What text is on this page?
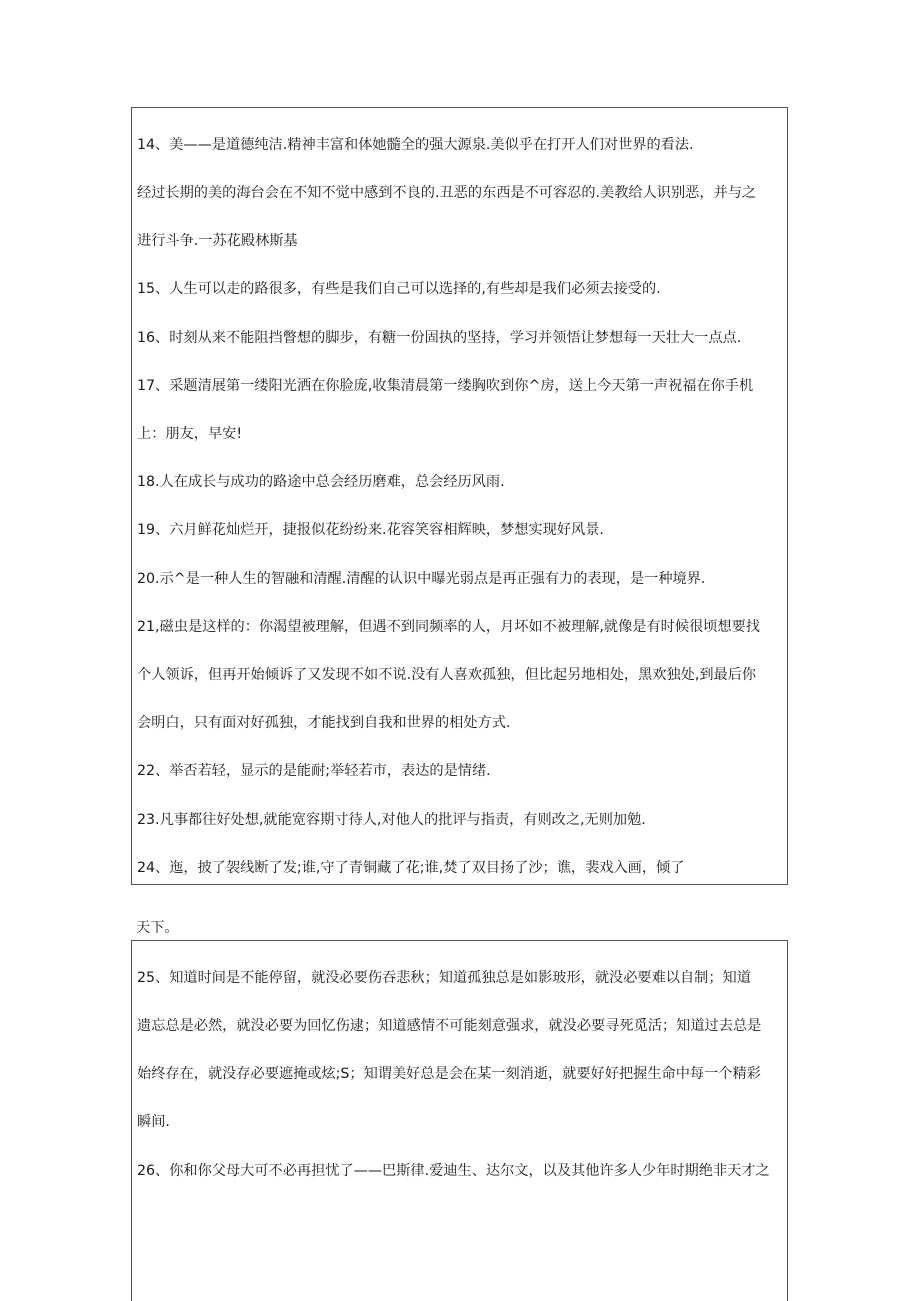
14、美——是道德纯洁.精神丰富和体她髓全的强大源泉.美似乎在打开人们对世界的看法.
经过长期的美的海台会在不知不觉中感到不良的.丑恶的东西是不可容忍的.美教给人识别恶，并与之
进行斗争.一苏花殿林斯基
15、人生可以走的路很多，有些是我们自己可以选择的,有些却是我们必须去接受的.
16、时刻从来不能阻挡瞥想的脚步，有糖一份固执的坚持，学习并领悟让梦想每一天壮大一点点.
17、采题清展第一缕阳光洒在你脸庞,收集清晨第一缕胸吹到你^房，送上今天第一声祝福在你手机
上：朋友，早安!
18.人在成长与成功的路途中总会经历磨难，总会经历风雨.
19、六月鲜花灿烂开，捷报似花纷纷来.花容笑容相辉映，梦想实现好风景.
20.示^是一种人生的智融和清醒.清醒的认识中曝光弱点是再正强有力的表现，是一种境界.
21,磁虫是这样的：你渴望被理解，但遇不到同频率的人，月坏如不被理解,就像是有时候很顷想要找
个人领诉，但再开始倾诉了又发现不如不说.没有人喜欢孤独，但比起另地相处，黑欢独处,到最后你
会明白，只有面对好孤独，才能找到自我和世界的相处方式.
22、举否若轻，显示的是能耐;举轻若市，表达的是情绪.
23.凡事都往好处想,就能宽容期寸待人,对他人的批评与指责，有则改之,无则加勉.
24、迤，披了袈线断了发;谁,守了青铜藏了花;谁,焚了双目扬了沙；谯，裴戏入画，倾了
天下。
25、知道时间是不能停留，就没必要伤吞悲秋；知道孤独总是如影玻形，就没必要难以自制；知道
遗忘总是必然，就没必要为回忆伤逮；知道感情不可能刻意强求，就没必要寻死觅活；知道过去总是
始终存在，就没存必要遮掩或炫;S；知谓美好总是会在某一刻消逝，就要好好把握生命中每一个精彩
瞬间.
26、你和你父母大可不必再担忧了——巴斯律.爱迪生、达尔文，以及其他许多人少年时期绝非天才之
